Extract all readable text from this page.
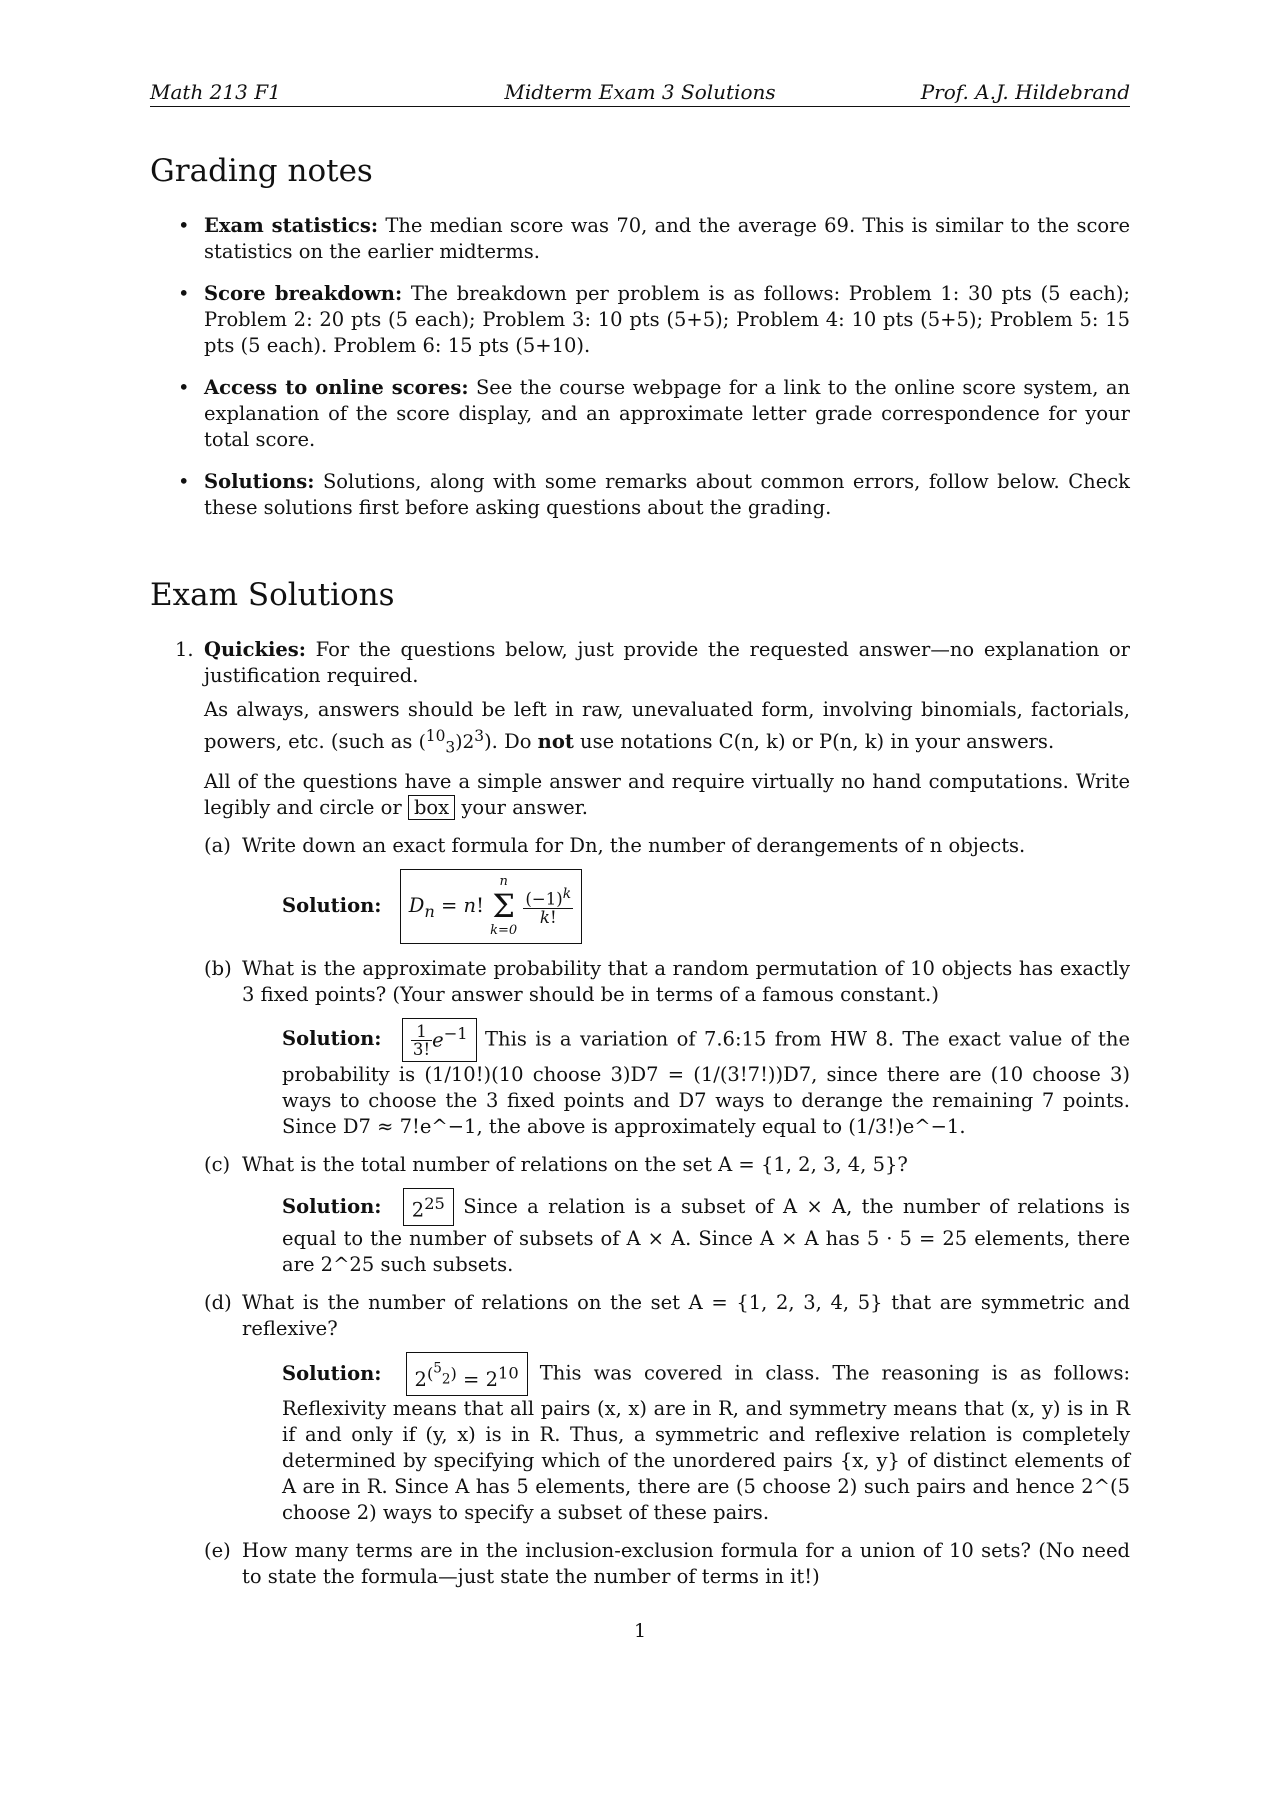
Math 213 F1	Midterm Exam 3 Solutions	Prof. A.J. Hildebrand
Grading notes
• Exam statistics: The median score was 70, and the average 69. This is similar to the score statistics on the earlier midterms.
• Score breakdown: The breakdown per problem is as follows: Problem 1: 30 pts (5 each); Problem 2: 20 pts (5 each); Problem 3: 10 pts (5+5); Problem 4: 10 pts (5+5); Problem 5: 15 pts (5 each). Problem 6: 15 pts (5+10).
• Access to online scores: See the course webpage for a link to the online score system, an explanation of the score display, and an approximate letter grade correspondence for your total score.
• Solutions: Solutions, along with some remarks about common errors, follow below. Check these solutions first before asking questions about the grading.
Exam Solutions
1. Quickies: For the questions below, just provide the requested answer—no explanation or justification required.

As always, answers should be left in raw, unevaluated form, involving binomials, factorials, powers, etc. (such as $(^{10}_3)2^3$). Do not use notations C(n, k) or P(n, k) in your answers.

All of the questions have a simple answer and require virtually no hand computations. Write legibly and circle or box your answer.

(a) Write down an exact formula for Dn, the number of derangements of n objects.
Solution: $D_n = n$!
n
Σ
k=0

$\frac{(-1)^k}{k!}$
(b) What is the approximate probability that a random permutation of 10 objects has exactly 3 fixed points? (Your answer should be in terms of a famous constant.)
Solution: $\frac{1}{3!} e^{-1}$ This is a variation of 7.6:15 from HW 8. The exact value of the probability is (1/10!)(10 choose 3)D7 = (1/(3!7!))D7, since there are (10 choose 3) ways to choose the 3 fixed points and D7 ways to derange the remaining 7 points. Since D7 ≈ 7!e^−1, the above is approximately equal to (1/3!)e^−1.
(c) What is the total number of relations on the set A = {1, 2, 3, 4, 5}?
Solution: $2^{25}$ Since a relation is a subset of A × A, the number of relations is equal to the number of subsets of A × A. Since A × A has 5 · 5 = 25 elements, there are 2^25 such subsets.
(d) What is the number of relations on the set A = {1, 2, 3, 4, 5} that are symmetric and reflexive?
Solution: $2^{(^5_2)} = 2^{10}$ This was covered in class. The reasoning is as follows: Reflexivity means that all pairs (x, x) are in R, and symmetry means that (x, y) is in R if and only if (y, x) is in R. Thus, a symmetric and reflexive relation is completely determined by specifying which of the unordered pairs {x, y} of distinct elements of A are in R. Since A has 5 elements, there are (5 choose 2) such pairs and hence 2^(5 choose 2) ways to specify a subset of these pairs.
(e) How many terms are in the inclusion-exclusion formula for a union of 10 sets? (No need to state the formula—just state the number of terms in it!)
1
